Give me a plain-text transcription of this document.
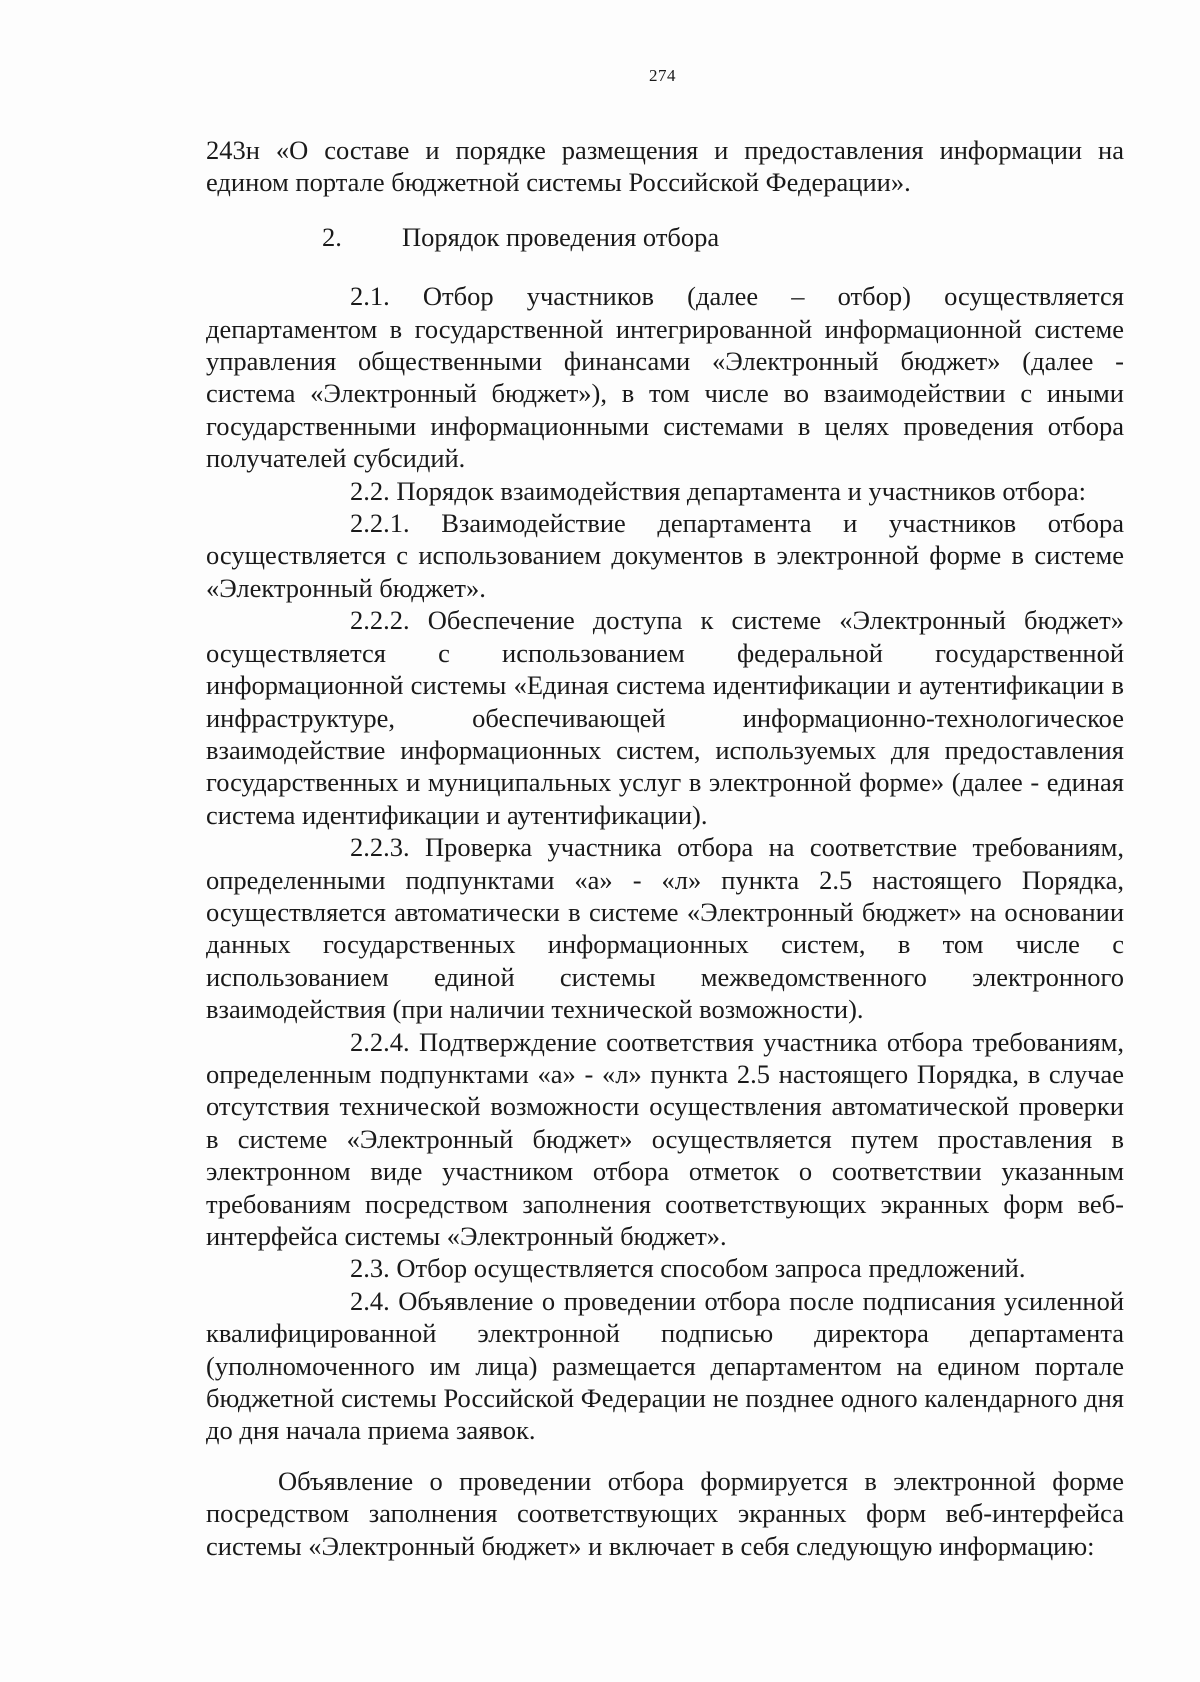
274

243н «О составе и порядке размещения и предоставления информации на едином портале бюджетной системы Российской Федерации».

2. Порядок проведения отбора

2.1. Отбор участников (далее – отбор) осуществляется департаментом в государственной интегрированной информационной системе управления общественными финансами «Электронный бюджет» (далее - система «Электронный бюджет»), в том числе во взаимодействии с иными государственными информационными системами в целях проведения отбора получателей субсидий.

2.2. Порядок взаимодействия департамента и участников отбора:

2.2.1. Взаимодействие департамента и участников отбора осуществляется с использованием документов в электронной форме в системе «Электронный бюджет».

2.2.2. Обеспечение доступа к системе «Электронный бюджет» осуществляется с использованием федеральной государственной информационной системы «Единая система идентификации и аутентификации в инфраструктуре, обеспечивающей информационно-технологическое взаимодействие информационных систем, используемых для предоставления государственных и муниципальных услуг в электронной форме» (далее - единая система идентификации и аутентификации).

2.2.3. Проверка участника отбора на соответствие требованиям, определенными подпунктами «а» - «л» пункта 2.5 настоящего Порядка, осуществляется автоматически в системе «Электронный бюджет» на основании данных государственных информационных систем, в том числе с использованием единой системы межведомственного электронного взаимодействия (при наличии технической возможности).

2.2.4. Подтверждение соответствия участника отбора требованиям, определенным подпунктами «а» - «л» пункта 2.5 настоящего Порядка, в случае отсутствия технической возможности осуществления автоматической проверки в системе «Электронный бюджет» осуществляется путем проставления в электронном виде участником отбора отметок о соответствии указанным требованиям посредством заполнения соответствующих экранных форм веб-интерфейса системы «Электронный бюджет».

2.3. Отбор осуществляется способом запроса предложений.

2.4. Объявление о проведении отбора после подписания усиленной квалифицированной электронной подписью директора департамента (уполномоченного им лица) размещается департаментом на едином портале бюджетной системы Российской Федерации не позднее одного календарного дня до дня начала приема заявок.

Объявление о проведении отбора формируется в электронной форме посредством заполнения соответствующих экранных форм веб-интерфейса системы «Электронный бюджет» и включает в себя следующую информацию:
